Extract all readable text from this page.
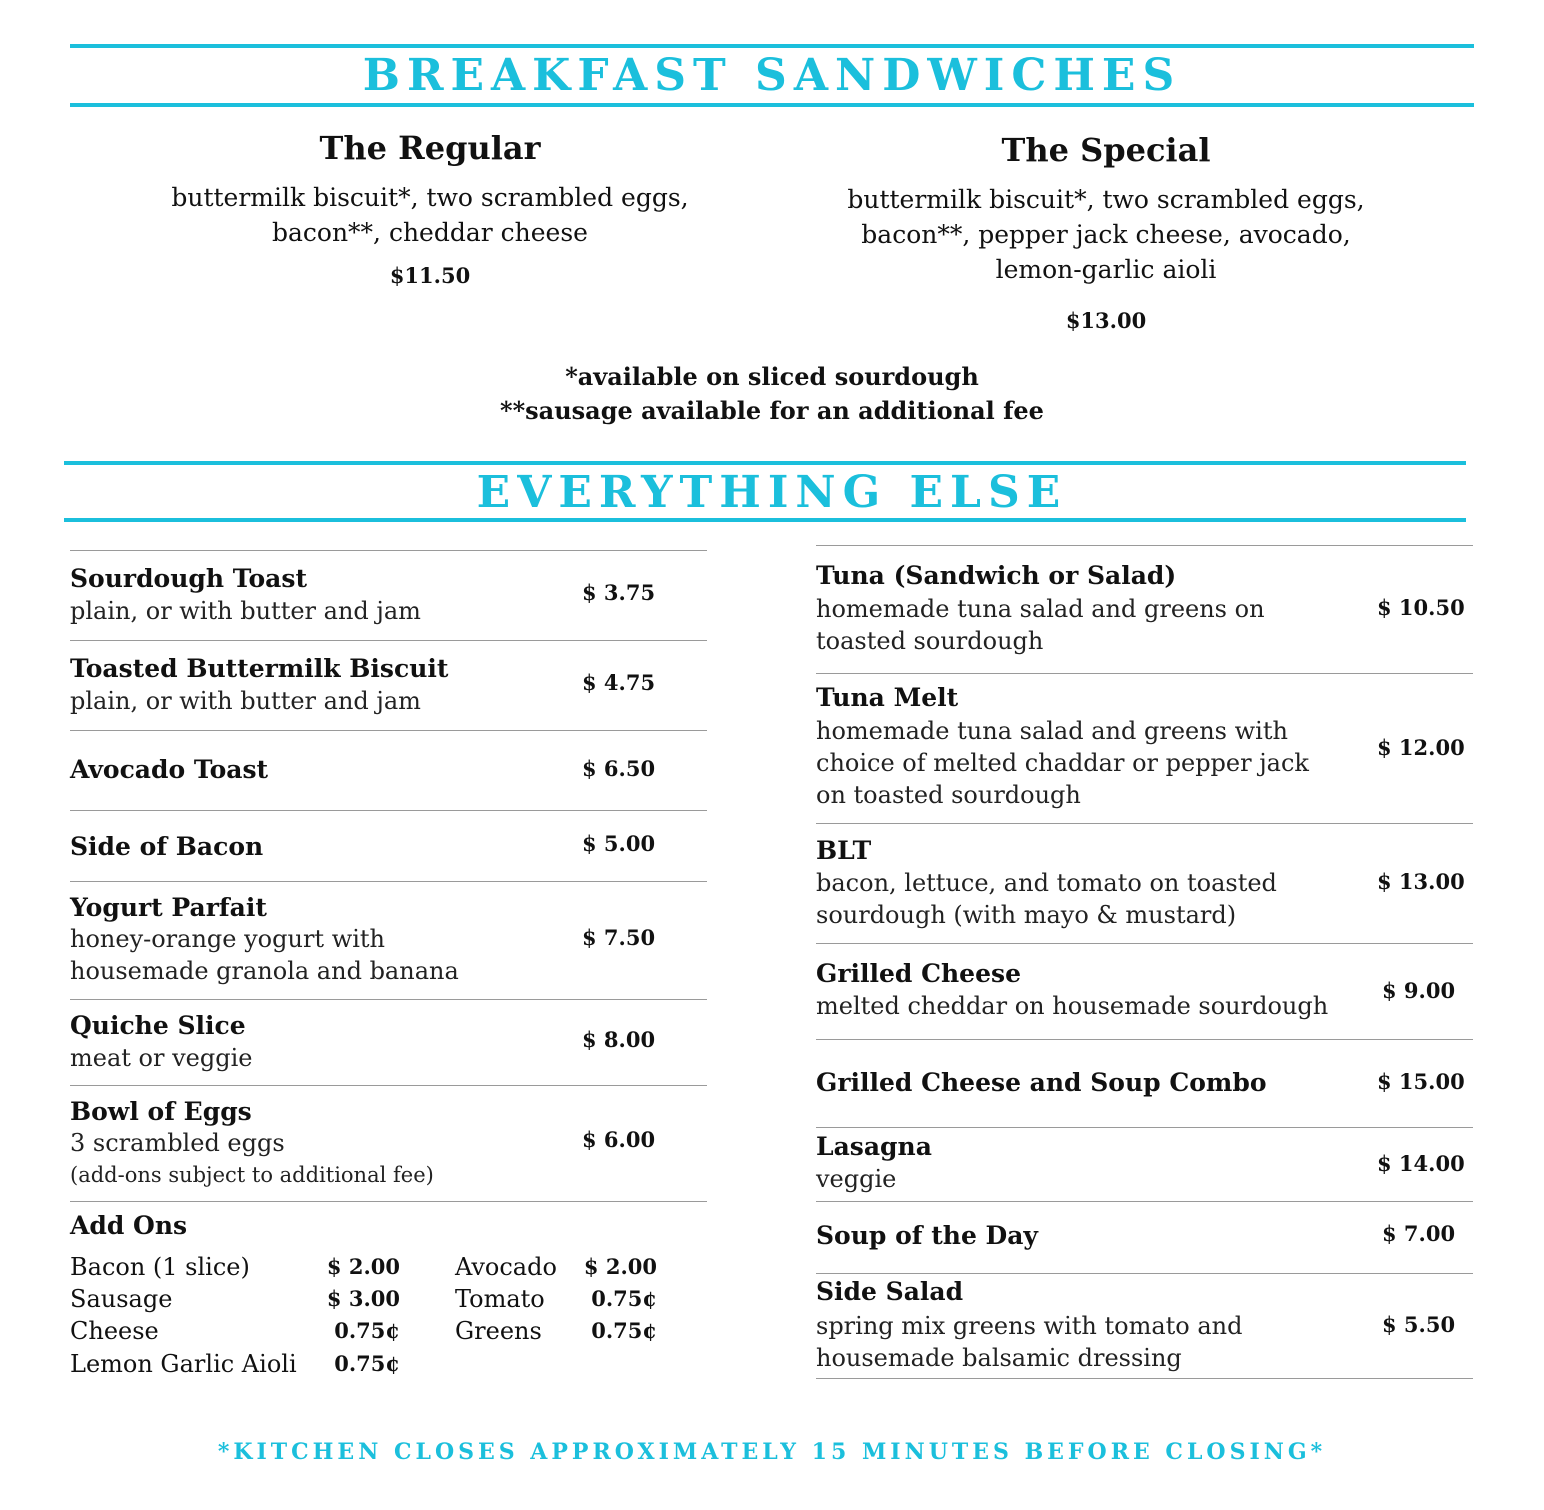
BREAKFAST SANDWICHES
The Regular
buttermilk biscuit*, two scrambled eggs,
bacon**, cheddar cheese
$11.50
The Special
buttermilk biscuit*, two scrambled eggs,
bacon**, pepper jack cheese, avocado,
lemon-garlic aioli
$13.00
*available on sliced sourdough
**sausage available for an additional fee
EVERYTHING ELSE
Sourdough Toast
plain, or with butter and jam
$ 3.75
Toasted Buttermilk Biscuit
plain, or with butter and jam
$ 4.75
Avocado Toast	$ 6.50
Side of Bacon	$ 5.00
Yogurt Parfait
honey-orange yogurt with
housemade granola and banana
$ 7.50
Quiche Slice
meat or veggie
$ 8.00
Bowl of Eggs
3 scrambled eggs
(add-ons subject to additional fee)
$ 6.00
Add Ons
Bacon (1 slice)	$ 2.00
Sausage	$ 3.00
Cheese	0.75¢
Lemon Garlic Aioli	0.75¢
Avocado	$ 2.00
Tomato	0.75¢
Greens	0.75¢
Tuna (Sandwich or Salad)
homemade tuna salad and greens on
toasted sourdough
$ 10.50
Tuna Melt
homemade tuna salad and greens with
choice of melted chaddar or pepper jack
on toasted sourdough
$ 12.00
BLT
bacon, lettuce, and tomato on toasted
sourdough (with mayo & mustard)
$ 13.00
Grilled Cheese
melted cheddar on housemade sourdough
$ 9.00
Grilled Cheese and Soup Combo	$ 15.00
Lasagna
veggie
$ 14.00
Soup of the Day	$ 7.00
Side Salad
spring mix greens with tomato and
housemade balsamic dressing
$ 5.50
*KITCHEN CLOSES APPROXIMATELY 15 MINUTES BEFORE CLOSING*
